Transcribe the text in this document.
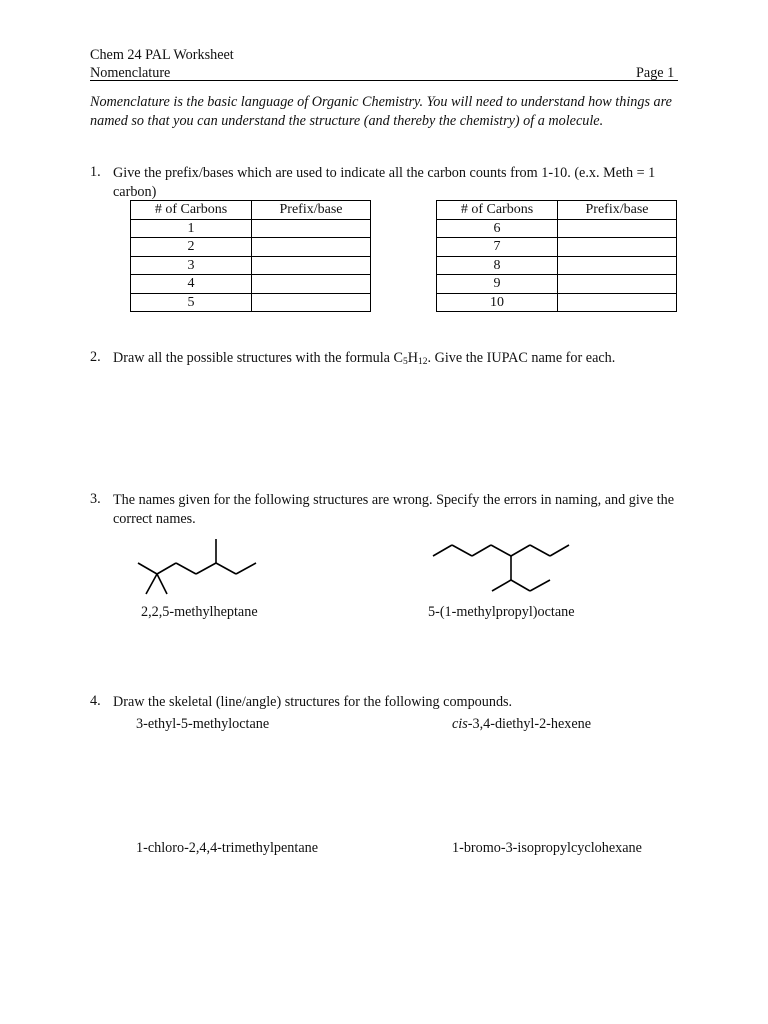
Chem 24 PAL Worksheet
Nomenclature	Page 1
Nomenclature is the basic language of Organic Chemistry. You will need to understand how things are named so that you can understand the structure (and thereby the chemistry) of a molecule.
1. Give the prefix/bases which are used to indicate all the carbon counts from 1-10. (e.x. Meth = 1 carbon)
# of Carbons	Prefix/base
1	
2	
3	
4	
5	
# of Carbons	Prefix/base
6	
7	
8	
9	
10	
2. Draw all the possible structures with the formula C5H12. Give the IUPAC name for each.
3. The names given for the following structures are wrong. Specify the errors in naming, and give the correct names.
2,2,5-methylheptane	5-(1-methylpropyl)octane
4. Draw the skeletal (line/angle) structures for the following compounds.
3-ethyl-5-methyloctane	cis-3,4-diethyl-2-hexene
1-chloro-2,4,4-trimethylpentane	1-bromo-3-isopropylcyclohexane
